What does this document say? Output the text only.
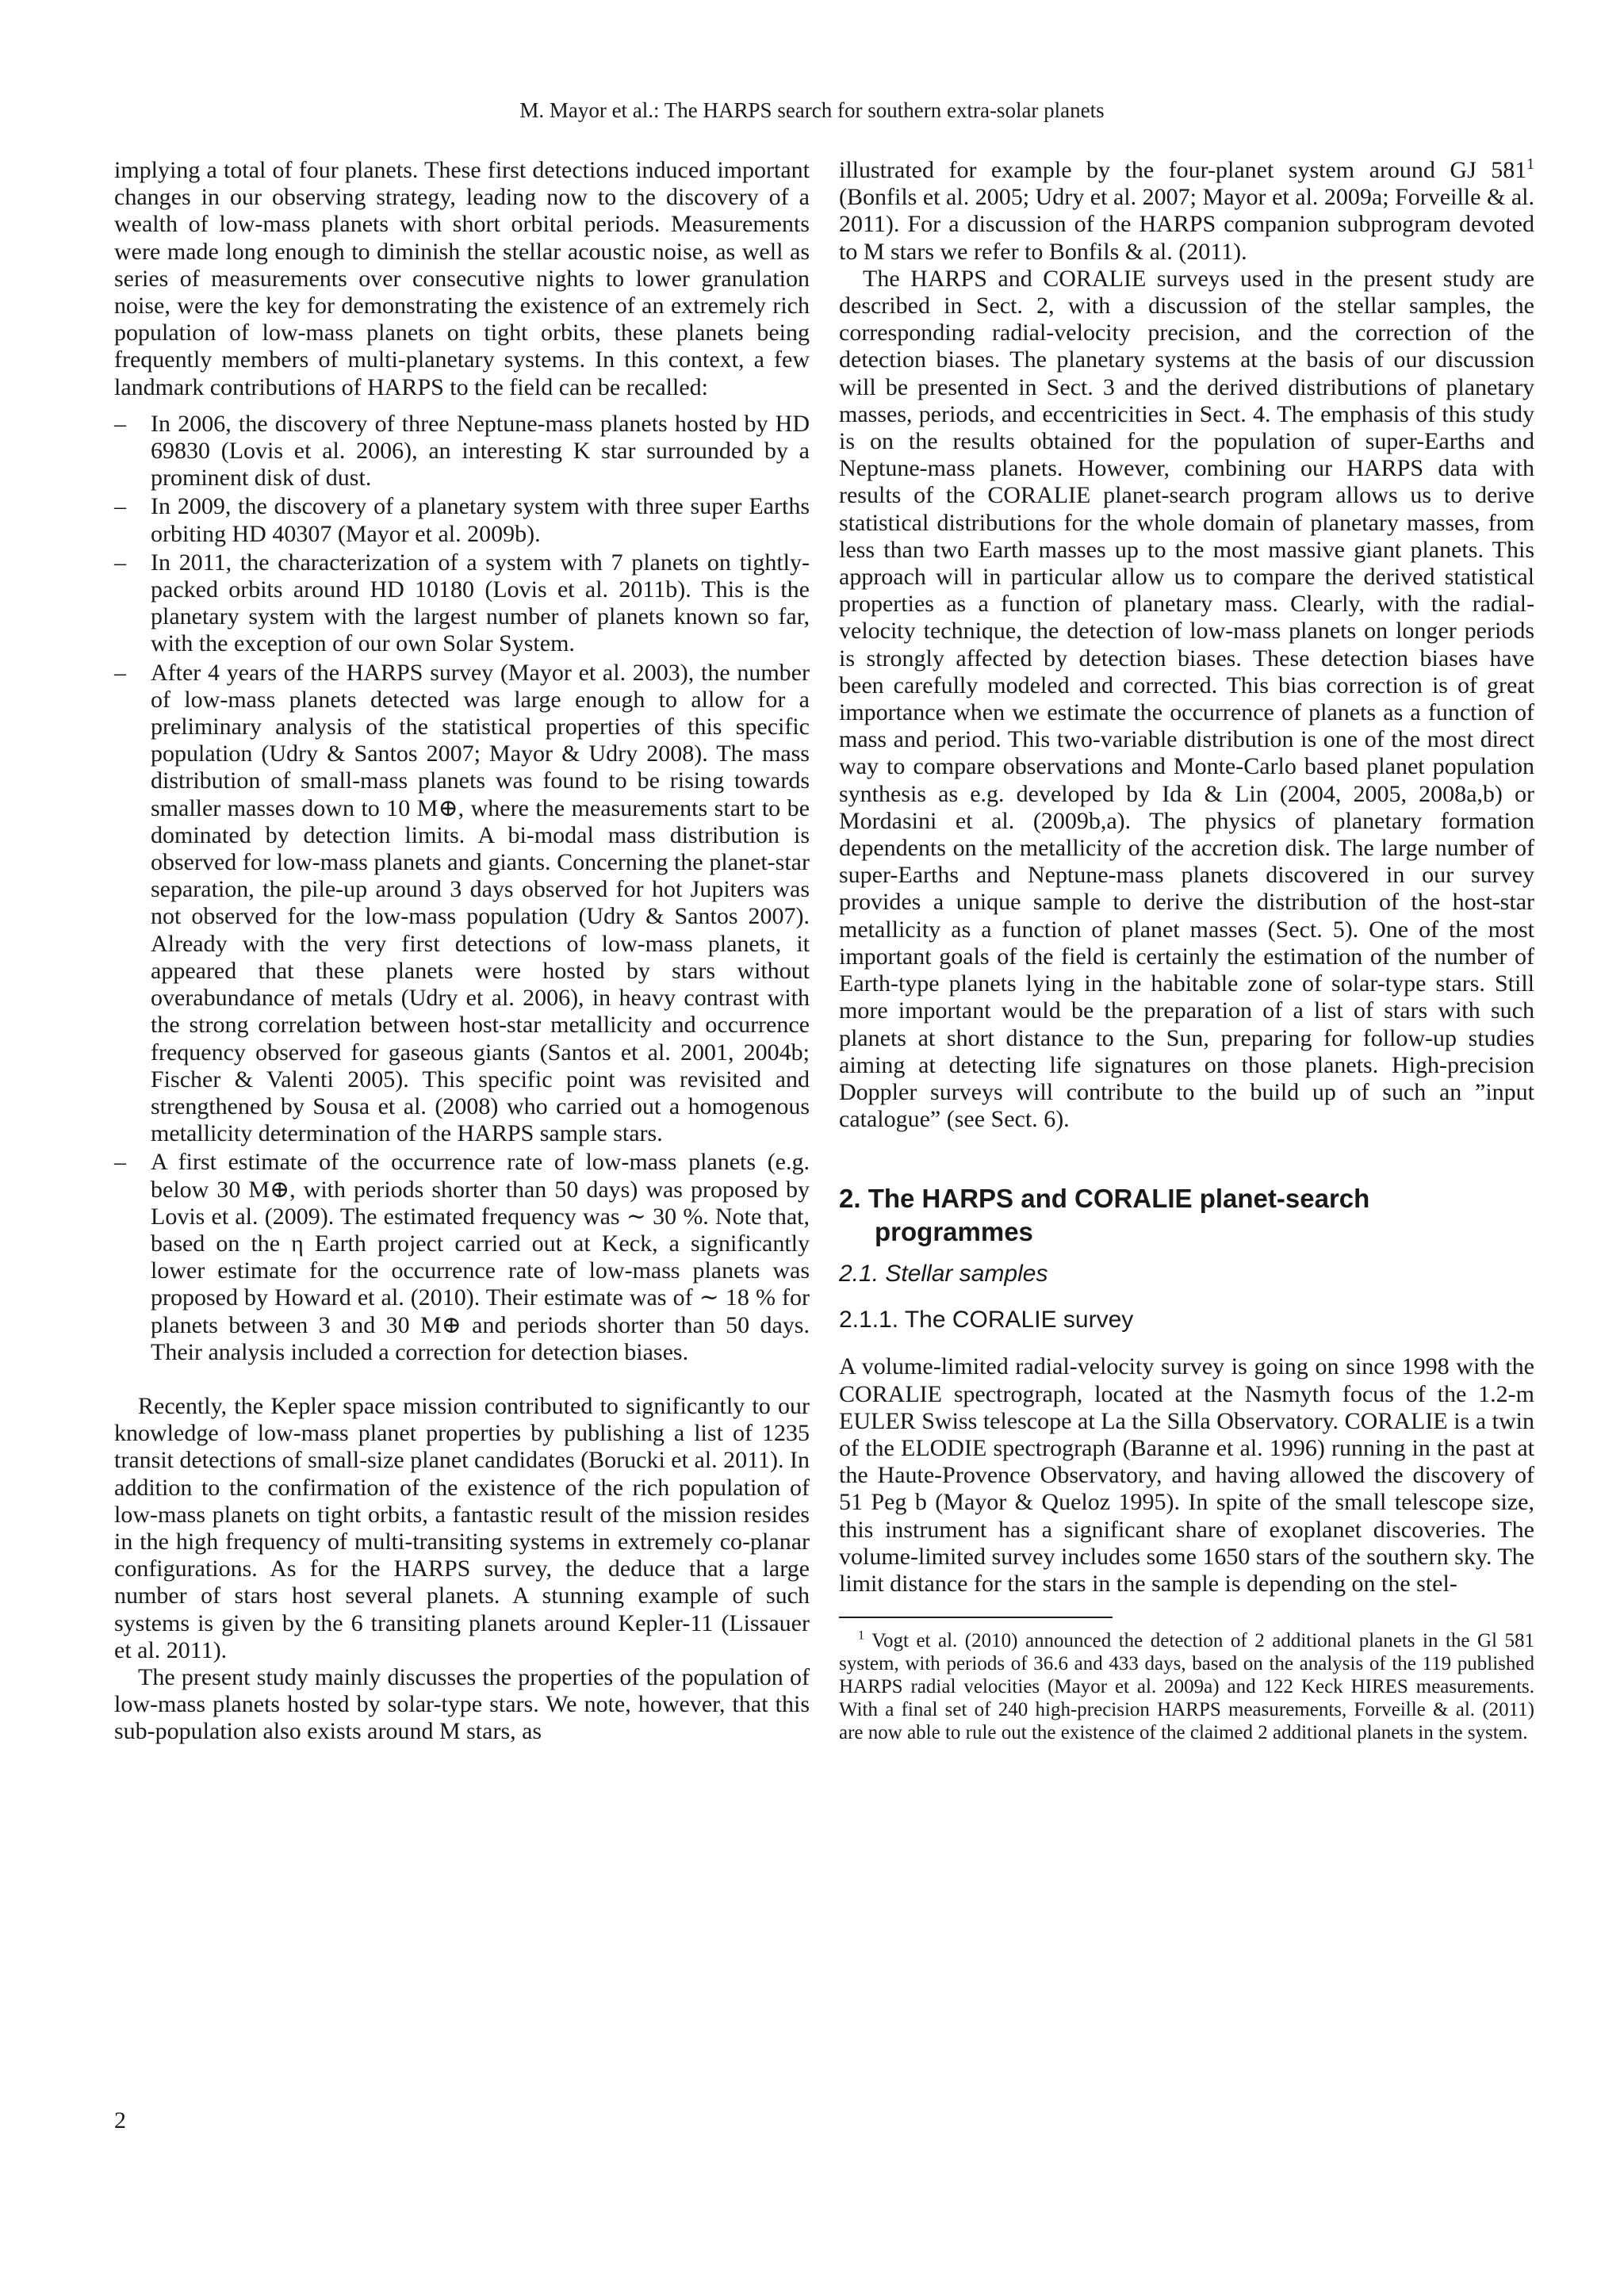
M. Mayor et al.: The HARPS search for southern extra-solar planets

implying a total of four planets. These first detections induced important changes in our observing strategy, leading now to the discovery of a wealth of low-mass planets with short orbital periods. Measurements were made long enough to diminish the stellar acoustic noise, as well as series of measurements over consecutive nights to lower granulation noise, were the key for demonstrating the existence of an extremely rich population of low-mass planets on tight orbits, these planets being frequently members of multi-planetary systems. In this context, a few landmark contributions of HARPS to the field can be recalled:

– In 2006, the discovery of three Neptune-mass planets hosted by HD 69830 (Lovis et al. 2006), an interesting K star surrounded by a prominent disk of dust.
– In 2009, the discovery of a planetary system with three super Earths orbiting HD 40307 (Mayor et al. 2009b).
– In 2011, the characterization of a system with 7 planets on tightly-packed orbits around HD 10180 (Lovis et al. 2011b). This is the planetary system with the largest number of planets known so far, with the exception of our own Solar System.
– After 4 years of the HARPS survey (Mayor et al. 2003), the number of low-mass planets detected was large enough to allow for a preliminary analysis of the statistical properties of this specific population (Udry & Santos 2007; Mayor & Udry 2008). The mass distribution of small-mass planets was found to be rising towards smaller masses down to 10 M⊕, where the measurements start to be dominated by detection limits. A bi-modal mass distribution is observed for low-mass planets and giants. Concerning the planet-star separation, the pile-up around 3 days observed for hot Jupiters was not observed for the low-mass population (Udry & Santos 2007). Already with the very first detections of low-mass planets, it appeared that these planets were hosted by stars without overabundance of metals (Udry et al. 2006), in heavy contrast with the strong correlation between host-star metallicity and occurrence frequency observed for gaseous giants (Santos et al. 2001, 2004b; Fischer & Valenti 2005). This specific point was revisited and strengthened by Sousa et al. (2008) who carried out a homogenous metallicity determination of the HARPS sample stars.
– A first estimate of the occurrence rate of low-mass planets (e.g. below 30 M⊕, with periods shorter than 50 days) was proposed by Lovis et al. (2009). The estimated frequency was ∼ 30 %. Note that, based on the η Earth project carried out at Keck, a significantly lower estimate for the occurrence rate of low-mass planets was proposed by Howard et al. (2010). Their estimate was of ∼ 18 % for planets between 3 and 30 M⊕ and periods shorter than 50 days. Their analysis included a correction for detection biases.

Recently, the Kepler space mission contributed to significantly to our knowledge of low-mass planet properties by publishing a list of 1235 transit detections of small-size planet candidates (Borucki et al. 2011). In addition to the confirmation of the existence of the rich population of low-mass planets on tight orbits, a fantastic result of the mission resides in the high frequency of multi-transiting systems in extremely co-planar configurations. As for the HARPS survey, the deduce that a large number of stars host several planets. A stunning example of such systems is given by the 6 transiting planets around Kepler-11 (Lissauer et al. 2011).

The present study mainly discusses the properties of the population of low-mass planets hosted by solar-type stars. We note, however, that this sub-population also exists around M stars, as

illustrated for example by the four-planet system around GJ $581^1$ (Bonfils et al. 2005; Udry et al. 2007; Mayor et al. 2009a; Forveille & al. 2011). For a discussion of the HARPS companion subprogram devoted to M stars we refer to Bonfils & al. (2011).

The HARPS and CORALIE surveys used in the present study are described in Sect. 2, with a discussion of the stellar samples, the corresponding radial-velocity precision, and the correction of the detection biases. The planetary systems at the basis of our discussion will be presented in Sect. 3 and the derived distributions of planetary masses, periods, and eccentricities in Sect. 4. The emphasis of this study is on the results obtained for the population of super-Earths and Neptune-mass planets. However, combining our HARPS data with results of the CORALIE planet-search program allows us to derive statistical distributions for the whole domain of planetary masses, from less than two Earth masses up to the most massive giant planets. This approach will in particular allow us to compare the derived statistical properties as a function of planetary mass. Clearly, with the radial-velocity technique, the detection of low-mass planets on longer periods is strongly affected by detection biases. These detection biases have been carefully modeled and corrected. This bias correction is of great importance when we estimate the occurrence of planets as a function of mass and period. This two-variable distribution is one of the most direct way to compare observations and Monte-Carlo based planet population synthesis as e.g. developed by Ida & Lin (2004, 2005, 2008a,b) or Mordasini et al. (2009b,a). The physics of planetary formation dependents on the metallicity of the accretion disk. The large number of super-Earths and Neptune-mass planets discovered in our survey provides a unique sample to derive the distribution of the host-star metallicity as a function of planet masses (Sect. 5). One of the most important goals of the field is certainly the estimation of the number of Earth-type planets lying in the habitable zone of solar-type stars. Still more important would be the preparation of a list of stars with such planets at short distance to the Sun, preparing for follow-up studies aiming at detecting life signatures on those planets. High-precision Doppler surveys will contribute to the build up of such an ”input catalogue” (see Sect. 6).

2. The HARPS and CORALIE planet-search programmes
2.1. Stellar samples
2.1.1. The CORALIE survey

A volume-limited radial-velocity survey is going on since 1998 with the CORALIE spectrograph, located at the Nasmyth focus of the 1.2-m EULER Swiss telescope at La the Silla Observatory. CORALIE is a twin of the ELODIE spectrograph (Baranne et al. 1996) running in the past at the Haute-Provence Observatory, and having allowed the discovery of 51 Peg b (Mayor & Queloz 1995). In spite of the small telescope size, this instrument has a significant share of exoplanet discoveries. The volume-limited survey includes some 1650 stars of the southern sky. The limit distance for the stars in the sample is depending on the stel-

$^1$ Vogt et al. (2010) announced the detection of 2 additional planets in the Gl 581 system, with periods of 36.6 and 433 days, based on the analysis of the 119 published HARPS radial velocities (Mayor et al. 2009a) and 122 Keck HIRES measurements. With a final set of 240 high-precision HARPS measurements, Forveille & al. (2011) are now able to rule out the existence of the claimed 2 additional planets in the system.

2
